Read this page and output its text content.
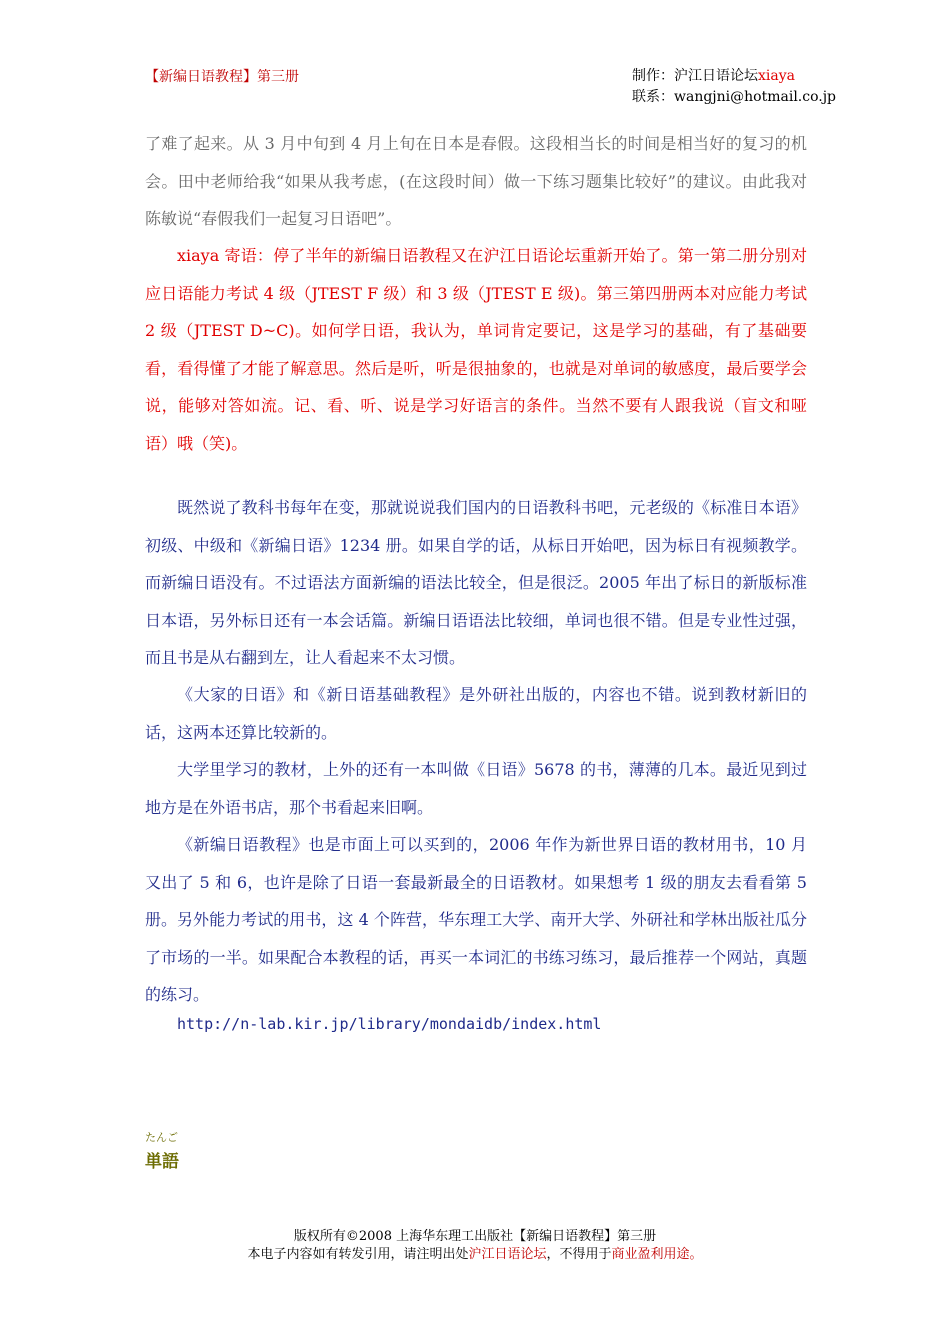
【新编日语教程】第三册	制作：沪江日语论坛xiaya
联系：wangjni@hotmail.co.jp
了难了起来。从 3 月中旬到 4 月上旬在日本是春假。这段相当长的时间是相当好的复习的机会。田中老师给我“如果从我考虑，(在这段时间）做一下练习题集比较好”的建议。由此我对陈敏说“春假我们一起复习日语吧”。
xiaya 寄语：停了半年的新编日语教程又在沪江日语论坛重新开始了。第一第二册分别对应日语能力考试 4 级（JTEST F 级）和 3 级（JTEST E 级)。第三第四册两本对应能力考试 2 级（JTEST D~C)。如何学日语，我认为，单词肯定要记，这是学习的基础，有了基础要看，看得懂了才能了解意思。然后是听，听是很抽象的，也就是对单词的敏感度，最后要学会说，能够对答如流。记、看、听、说是学习好语言的条件。当然不要有人跟我说（盲文和哑语）哦（笑)。
既然说了教科书每年在变，那就说说我们国内的日语教科书吧，元老级的《标准日本语》初级、中级和《新编日语》1234 册。如果自学的话，从标日开始吧，因为标日有视频教学。而新编日语没有。不过语法方面新编的语法比较全，但是很泛。2005 年出了标日的新版标准日本语，另外标日还有一本会话篇。新编日语语法比较细，单词也很不错。但是专业性过强，而且书是从右翻到左，让人看起来不太习惯。
《大家的日语》和《新日语基础教程》是外研社出版的，内容也不错。说到教材新旧的话，这两本还算比较新的。
大学里学习的教材，上外的还有一本叫做《日语》5678 的书，薄薄的几本。最近见到过地方是在外语书店，那个书看起来旧啊。
《新编日语教程》也是市面上可以买到的，2006 年作为新世界日语的教材用书，10 月又出了 5 和 6，也许是除了日语一套最新最全的日语教材。如果想考 1 级的朋友去看看第 5 册。 另外能力考试的用书，这 4 个阵营，华东理工大学、南开大学、外研社和学林出版社瓜分了市场的一半。如果配合本教程的话，再买一本词汇的书练习练习，最后推荐一个网站，真题的练习。
http://n-lab.kir.jp/library/mondaidb/index.html
たんご
単語
版权所有©2008 上海华东理工出版社【新编日语教程】第三册
本电子内容如有转发引用，请注明出处沪江日语论坛，不得用于商业盈利用途。
